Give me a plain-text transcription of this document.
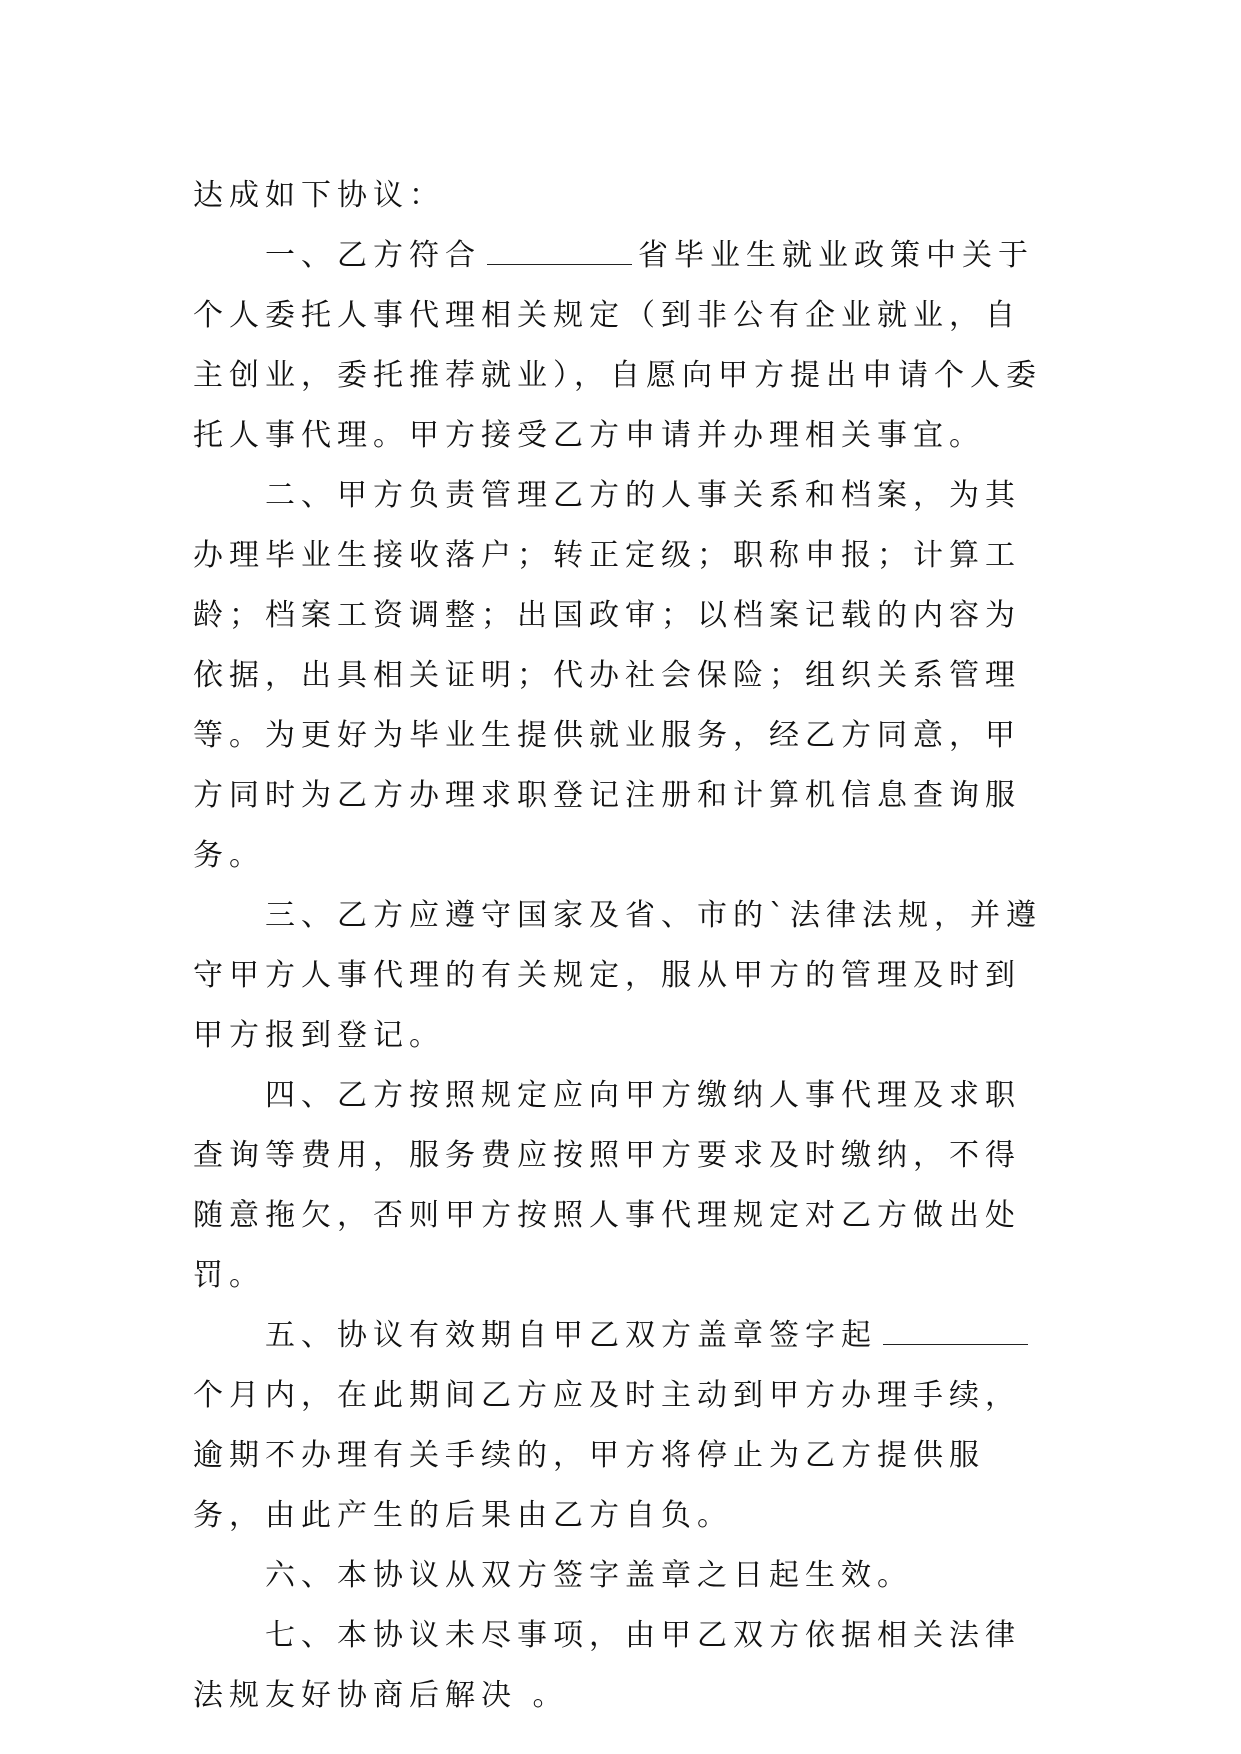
达成如下协议：

一、乙方符合	省毕业生就业政策中关于个人委托人事代理相关规定（到非公有企业就业，自主创业，委托推荐就业），自愿向甲方提出申请个人委托人事代理。甲方接受乙方申请并办理相关事宜。

二、甲方负责管理乙方的人事关系和档案，为其办理毕业生接收落户；转正定级；职称申报；计算工龄；档案工资调整；出国政审；以档案记载的内容为依据，出具相关证明；代办社会保险；组织关系管理等。为更好为毕业生提供就业服务，经乙方同意，甲方同时为乙方办理求职登记注册和计算机信息查询服务。

三、乙方应遵守国家及省、市的`法律法规，并遵守甲方人事代理的有关规定，服从甲方的管理及时到甲方报到登记。

四、乙方按照规定应向甲方缴纳人事代理及求职查询等费用，服务费应按照甲方要求及时缴纳，不得随意拖欠，否则甲方按照人事代理规定对乙方做出处罚。

五、协议有效期自甲乙双方盖章签字起个月内，在此期间乙方应及时主动到甲方办理手续，逾期不办理有关手续的，甲方将停止为乙方提供服务，由此产生的后果由乙方自负。

六、本协议从双方签字盖章之日起生效。

七、本协议未尽事项，由甲乙双方依据相关法律法规友好协商后解决 。
